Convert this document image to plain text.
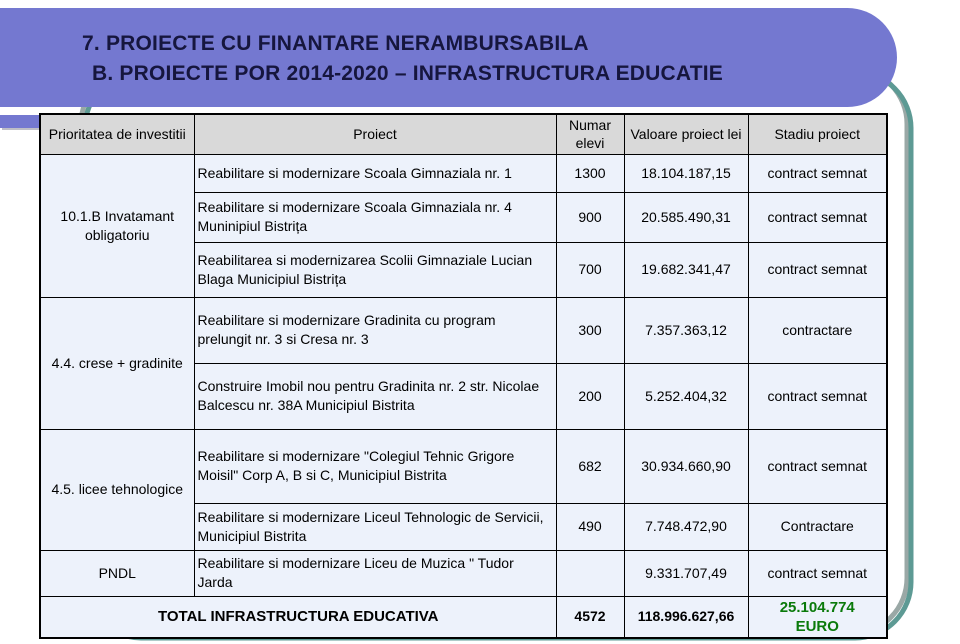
7. PROIECTE CU FINANTARE NERAMBURSABILA
B. PROIECTE POR 2014-2020 – INFRASTRUCTURA EDUCATIE
Prioritatea de investitii	Proiect	Numar elevi	Valoare proiect lei	Stadiu proiect
10.1.B Invatamant obligatoriu	Reabilitare si modernizare Scoala Gimnaziala nr. 1	1300	18.104.187,15	contract semnat
	Reabilitare si modernizare Scoala Gimnaziala nr. 4 Muninipiul Bistrița	900	20.585.490,31	contract semnat
	Reabilitarea si modernizarea Scolii Gimnaziale Lucian Blaga Municipiul Bistrița	700	19.682.341,47	contract semnat
4.4. crese + gradinite	Reabilitare si modernizare Gradinita cu program prelungit nr. 3 si Cresa nr. 3	300	7.357.363,12	contractare
	Construire Imobil nou pentru Gradinita nr. 2 str. Nicolae Balcescu nr. 38A Municipiul Bistrita	200	5.252.404,32	contract semnat
4.5. licee tehnologice	Reabilitare si modernizare "Colegiul Tehnic Grigore Moisil" Corp A, B si C, Municipiul Bistrita	682	30.934.660,90	contract semnat
	Reabilitare si modernizare Liceul Tehnologic de Servicii, Municipiul Bistrita	490	7.748.472,90	Contractare
PNDL	Reabilitare si modernizare Liceu de Muzica " Tudor Jarda		9.331.707,49	contract semnat
TOTAL INFRASTRUCTURA EDUCATIVA		4572	118.996.627,66	25.104.774
EURO
